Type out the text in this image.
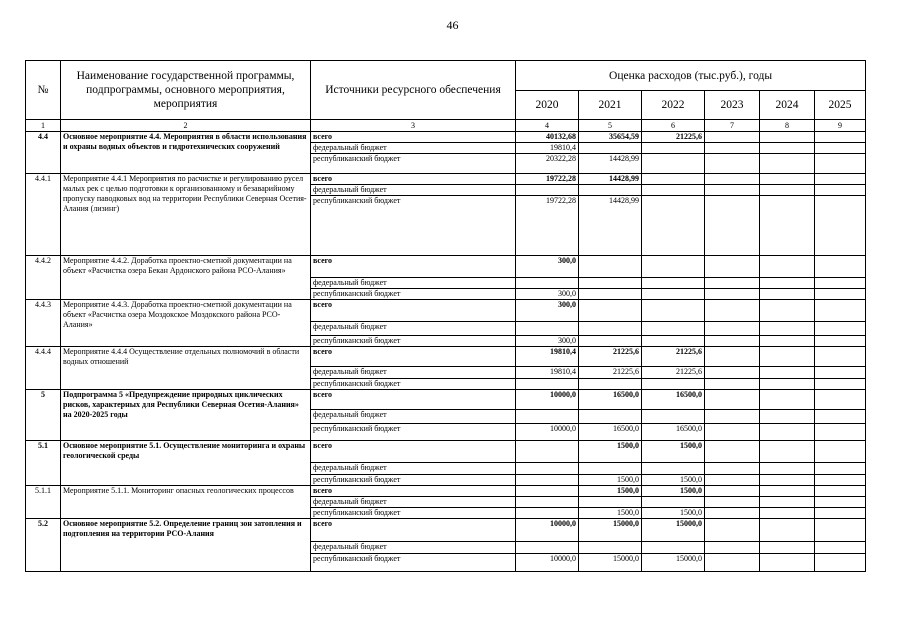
46
№	Наименование государственной программы, подпрограммы, основного мероприятия, мероприятия	Источники ресурсного обеспечения	Оценка расходов (тыс.руб.), годы					
			2020	2021	2022	2023	2024	2025
1	2	3	4	5	6	7	8	9
4.4	Основное мероприятие 4.4. Мероприятия в области использования и охраны водных объектов и гидротехнических сооружений	всего	40132,68	35654,59	21225,6			
		федеральный бюджет	19810,4					
		республиканский бюджет	20322,28	14428,99				
4.4.1	Мероприятие 4.4.1 Мероприятия по расчистке и регулированию русел малых рек с целью подготовки к организованному и безаварийному пропуску паводковых вод на территории Республики Северная Осетия-Алания (лизинг)	всего	19722,28	14428,99				
		федеральный бюджет						
		республиканский бюджет	19722,28	14428,99				
4.4.2	Мероприятие 4.4.2. Доработка проектно-сметной документации на объект «Расчистка озера Бекан Ардонского района РСО-Алания»	всего	300,0					
		федеральный бюджет						
		республиканский бюджет	300,0					
4.4.3	Мероприятие 4.4.3. Доработка проектно-сметной документации на объект «Расчистка озера Моздокское Моздокского района РСО-Алания»	всего	300,0					
		федеральный бюджет						
		республиканский бюджет	300,0					
4.4.4	Мероприятие 4.4.4 Осуществление отдельных полномочий в области водных отношений	всего	19810,4	21225,6	21225,6			
		федеральный бюджет	19810,4	21225,6	21225,6			
		республиканский бюджет						
5	Подпрограмма 5 «Предупреждение природных циклических рисков, характерных для Республики Северная Осетия-Алания» на 2020-2025 годы	всего	10000,0	16500,0	16500,0			
		федеральный бюджет						
		республиканский бюджет	10000,0	16500,0	16500,0			
5.1	Основное мероприятие 5.1. Осуществление мониторинга и охраны геологической среды	всего		1500,0	1500,0			
		федеральный бюджет						
		республиканский бюджет		1500,0	1500,0			
5.1.1	Мероприятие 5.1.1. Мониторинг опасных геологических процессов	всего		1500,0	1500,0			
		федеральный бюджет						
		республиканский бюджет		1500,0	1500,0			
5.2	Основное мероприятие 5.2. Определение границ зон затопления и подтопления на территории РСО-Алания	всего	10000,0	15000,0	15000,0			
		федеральный бюджет						
		республиканский бюджет	10000,0	15000,0	15000,0			
